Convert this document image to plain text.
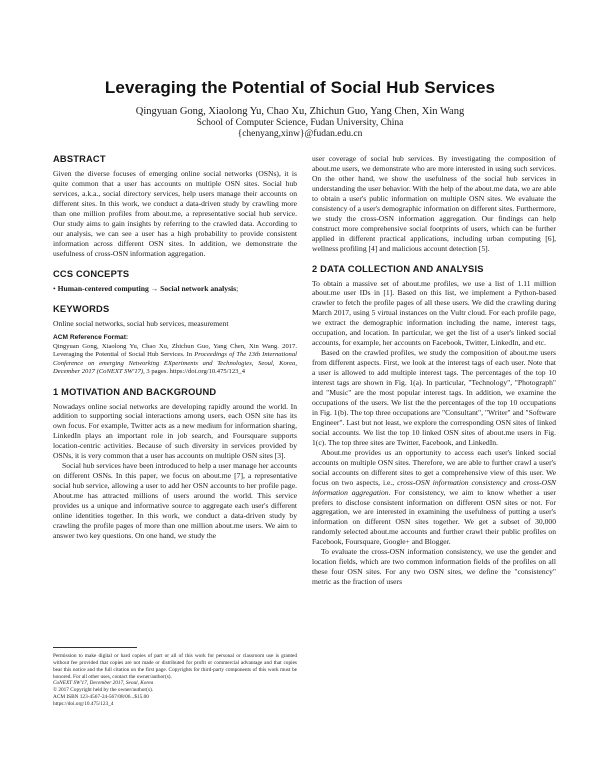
Leveraging the Potential of Social Hub Services
Qingyuan Gong, Xiaolong Yu, Chao Xu, Zhichun Guo, Yang Chen, Xin Wang
School of Computer Science, Fudan University, China
{chenyang,xinw}@fudan.edu.cn
ABSTRACT

Given the diverse focuses of emerging online social networks (OSNs), it is quite common that a user has accounts on multiple OSN sites. Social hub services, a.k.a., social directory services, help users manage their accounts on different sites. In this work, we conduct a data-driven study by crawling more than one million profiles from about.me, a representative social hub service. Our study aims to gain insights by referring to the crawled data. According to our analysis, we can see a user has a high probability to provide consistent information across different OSN sites. In addition, we demonstrate the usefulness of cross-OSN information aggregation.

CCS CONCEPTS

• Human-centered computing → Social network analysis;

KEYWORDS

Online social networks, social hub services, measurement

ACM Reference Format:
Qingyuan Gong, Xiaolong Yu, Chao Xu, Zhichun Guo, Yang Chen, Xin Wang. 2017. Leveraging the Potential of Social Hub Services. In Proceedings of The 13th International Conference on emerging Networking EXperiments and Technologies, Seoul, Korea, December 2017 (CoNEXT SW'17), 3 pages. https://doi.org/10.475/123_4
1 MOTIVATION AND BACKGROUND

Nowadays online social networks are developing rapidly around the world. In addition to supporting social interactions among users, each OSN site has its own focus. For example, Twitter acts as a new medium for information sharing, LinkedIn plays an important role in job search, and Foursquare supports location-centric activities. Because of such diversity in services provided by OSNs, it is very common that a user has accounts on multiple OSN sites [3].

Social hub services have been introduced to help a user manage her accounts on different OSNs. In this paper, we focus on about.me [7], a representative social hub service, allowing a user to add her OSN accounts to her profile page. About.me has attracted millions of users around the world. This service provides us a unique and informative source to aggregate each user's different online identities together. In this work, we conduct a data-driven study by crawling the profile pages of more than one million about.me users. We aim to answer two key questions. On one hand, we study the

Permission to make digital or hard copies of part or all of this work for personal or classroom use is granted without fee provided that copies are not made or distributed for profit or commercial advantage and that copies bear this notice and the full citation on the first page. Copyrights for third-party components of this work must be honored. For all other uses, contact the owner/author(s).
CoNEXT SW'17, December 2017, Seoul, Korea
© 2017 Copyright held by the owner/author(s).
ACM ISBN 123-4567-24-567/08/06...$15.00
https://doi.org/10.475/123_4

user coverage of social hub services. By investigating the composition of about.me users, we demonstrate who are more interested in using such services. On the other hand, we show the usefulness of the social hub services in understanding the user behavior. With the help of the about.me data, we are able to obtain a user's public information on multiple OSN sites. We evaluate the consistency of a user's demographic information on different sites. Furthermore, we study the cross-OSN information aggregation. Our findings can help construct more comprehensive social footprints of users, which can be further applied in different practical applications, including urban computing [6], wellness profiling [4] and malicious account detection [5].

2 DATA COLLECTION AND ANALYSIS

To obtain a massive set of about.me profiles, we use a list of 1.11 million about.me user IDs in [1]. Based on this list, we implement a Python-based crawler to fetch the profile pages of all these users. We did the crawling during March 2017, using 5 virtual instances on the Vultr cloud. For each profile page, we extract the demographic information including the name, interest tags, occupation, and location. In particular, we get the list of a user's linked social accounts, for example, her accounts on Facebook, Twitter, LinkedIn, and etc.

Based on the crawled profiles, we study the composition of about.me users from different aspects. First, we look at the interest tags of each user. Note that a user is allowed to add multiple interest tags. The percentages of the top 10 interest tags are shown in Fig. 1(a). In particular, "Technology", "Photograph" and "Music" are the most popular interest tags. In addition, we examine the occupations of the users. We list the the percentages of the top 10 occupations in Fig. 1(b). The top three occupations are "Consultant", "Writer" and "Software Engineer". Last but not least, we explore the corresponding OSN sites of linked social accounts. We list the top 10 linked OSN sites of about.me users in Fig. 1(c). The top three sites are Twitter, Facebook, and LinkedIn.

About.me provides us an opportunity to access each user's linked social accounts on multiple OSN sites. Therefore, we are able to further crawl a user's social accounts on different sites to get a comprehensive view of this user. We focus on two aspects, i.e., cross-OSN information consistency and cross-OSN information aggregation. For consistency, we aim to know whether a user prefers to disclose consistent information on different OSN sites or not. For aggregation, we are interested in examining the usefulness of putting a user's information on different OSN sites together. We get a subset of 30,000 randomly selected about.me accounts and further crawl their public profiles on Facebook, Foursquare, Google+ and Blogger.

To evaluate the cross-OSN information consistency, we use the gender and location fields, which are two common information fields of the profiles on all these four OSN sites. For any two OSN sites, we define the "consistency" metric as the fraction of users
